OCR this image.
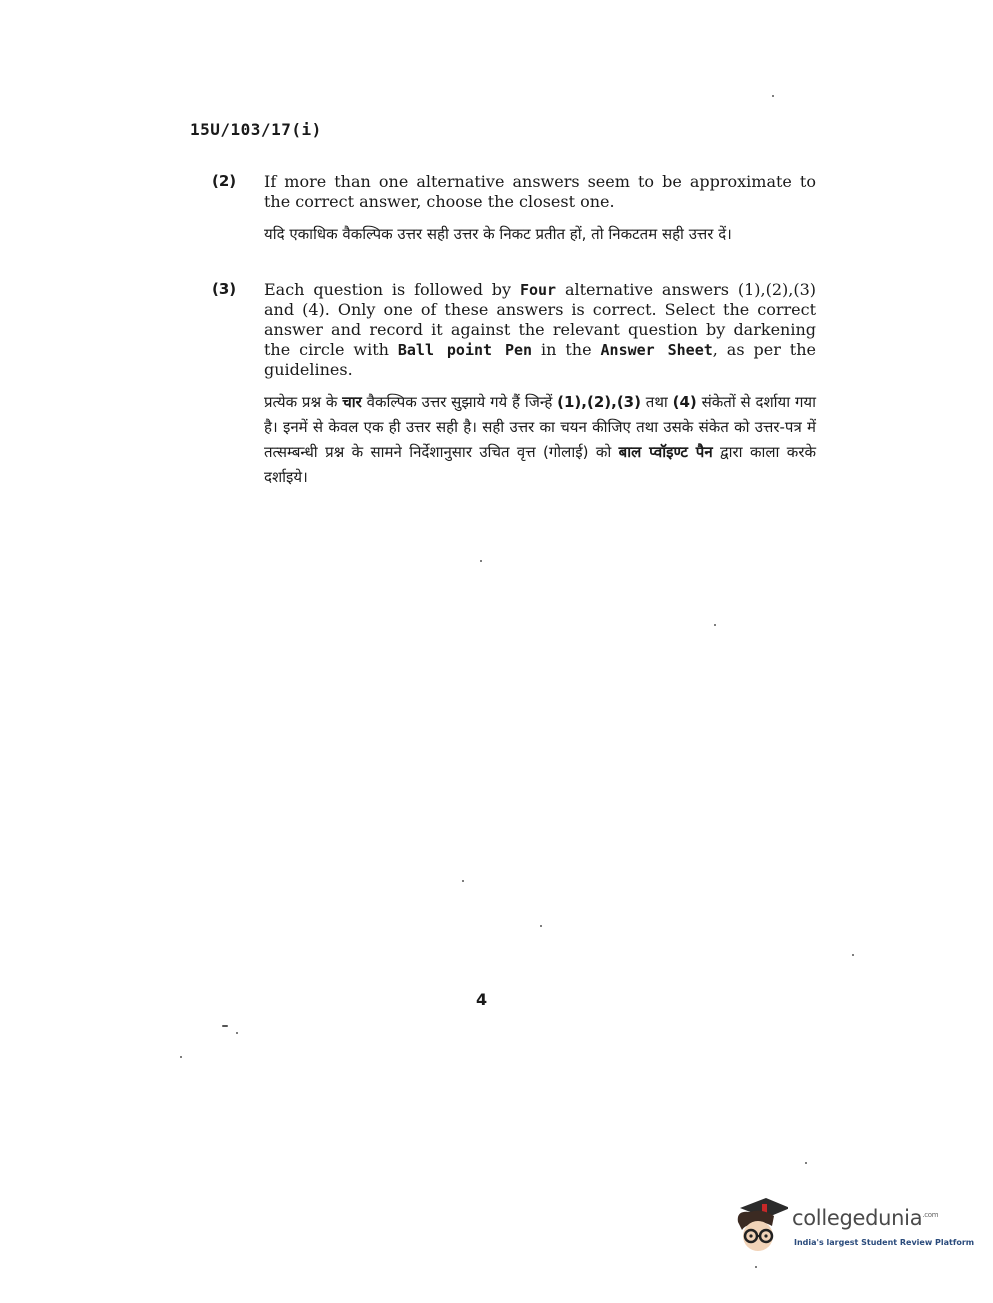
15U/103/17(i)
(2) If more than one alternative answers seem to be approximate to the correct answer, choose the closest one.

यदि एकाधिक वैकल्पिक उत्तर सही उत्तर के निकट प्रतीत हों, तो निकटतम सही उत्तर दें।

(3) Each question is followed by Four alternative answers (1),(2),(3) and (4). Only one of these answers is correct. Select the correct answer and record it against the relevant question by darkening the circle with Ball point Pen in the Answer Sheet, as per the guidelines.

प्रत्येक प्रश्न के चार वैकल्पिक उत्तर सुझाये गये हैं जिन्हें (1),(2),(3) तथा (4) संकेतों से दर्शाया गया है। इनमें से केवल एक ही उत्तर सही है। सही उत्तर का चयन कीजिए तथा उसके संकेत को उत्तर-पत्र में तत्सम्बन्धी प्रश्न के सामने निर्देशानुसार उचित वृत्त (गोलाई) को बाल प्वॉइण्ट पैन द्वारा काला करके दर्शाइये।

4
collegedunia$^{.com}$
India's largest Student Review Platform
